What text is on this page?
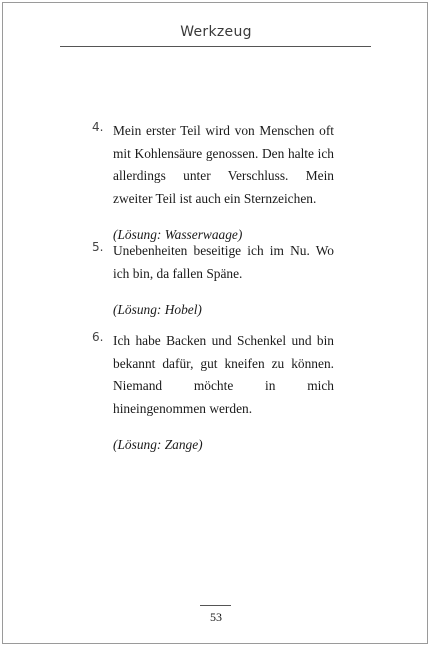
Werkzeug
4. Mein erster Teil wird von Menschen oft mit Kohlensäure genossen. Den halte ich allerdings unter Verschluss. Mein zweiter Teil ist auch ein Sternzeichen.
(Lösung: Wasserwaage)
5. Unebenheiten beseitige ich im Nu. Wo ich bin, da fallen Späne.
(Lösung: Hobel)
6. Ich habe Backen und Schenkel und bin bekannt dafür, gut kneifen zu können. Niemand möchte in mich hineingenommen werden.
(Lösung: Zange)
53
